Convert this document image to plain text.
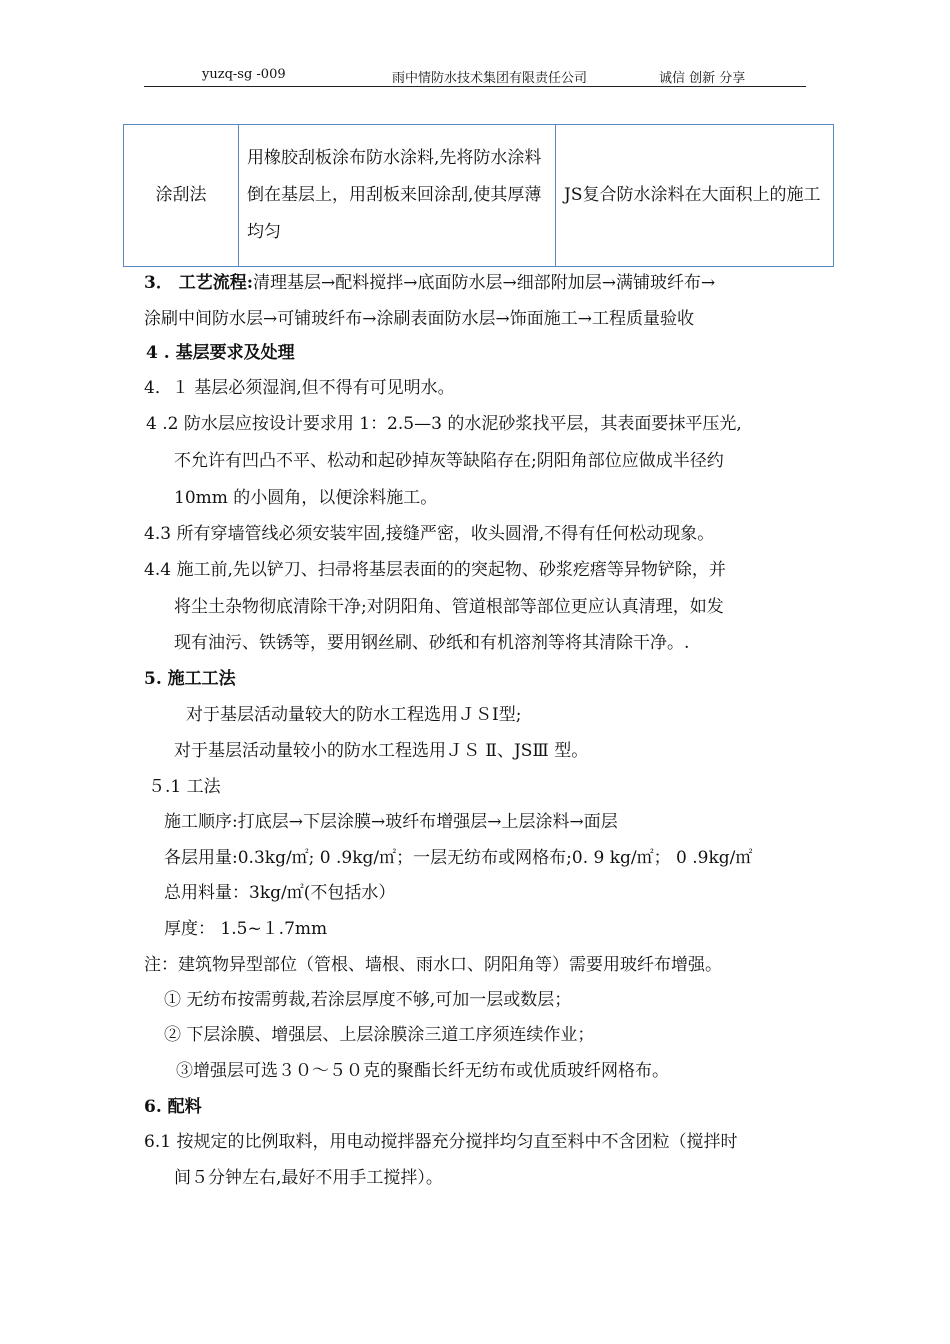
yuzq-sg -009	雨中情防水技术集团有限责任公司	诚信 创新 分享
涂刮法	用橡胶刮板涂布防水涂料,先将防水涂料倒在基层上，用刮板来回涂刮,使其厚薄均匀	JS复合防水涂料在大面积上的施工
3． 工艺流程:清理基层→配料搅拌→底面防水层→细部附加层→满铺玻纤布→
涂刷中间防水层→可铺玻纤布→涂刷表面防水层→饰面施工→工程质量验收
4 . 基层要求及处理
4．１ 基层必须湿润,但不得有可见明水。
4 .2 防水层应按设计要求用 1：2.5—3 的水泥砂浆找平层，其表面要抹平压光,
不允许有凹凸不平、松动和起砂掉灰等缺陷存在;阴阳角部位应做成半径约
10mm 的小圆角，以便涂料施工。
4.3 所有穿墙管线必须安装牢固,接缝严密，收头圆滑,不得有任何松动现象。
4.4 施工前,先以铲刀、扫帚将基层表面的的突起物、砂浆疙瘩等异物铲除，并
将尘土杂物彻底清除干净;对阴阳角、管道根部等部位更应认真清理，如发
现有油污、铁锈等，要用钢丝刷、砂纸和有机溶剂等将其清除干净。.
5. 施工工法
对于基层活动量较大的防水工程选用ＪＳⅠ型;
对于基层活动量较小的防水工程选用ＪＳ Ⅱ、JSⅢ 型。
５.1 工法
施工顺序:打底层→下层涂膜→玻纤布增强层→上层涂料→面层
各层用量:0.3kg/㎡; 0 .9kg/㎡；一层无纺布或网格布;0. 9 kg/㎡； 0 .9kg/㎡
总用料量：3kg/㎡(不包括水）
厚度： 1.5~１.7mm
注：建筑物异型部位（管根、墙根、雨水口、阴阳角等）需要用玻纤布增强。
① 无纺布按需剪裁,若涂层厚度不够,可加一层或数层；
② 下层涂膜、增强层、上层涂膜涂三道工序须连续作业；
③增强层可选３０～５０克的聚酯长纤无纺布或优质玻纤网格布。
6. 配料
6.1 按规定的比例取料，用电动搅拌器充分搅拌均匀直至料中不含团粒（搅拌时
间５分钟左右,最好不用手工搅拌）。
